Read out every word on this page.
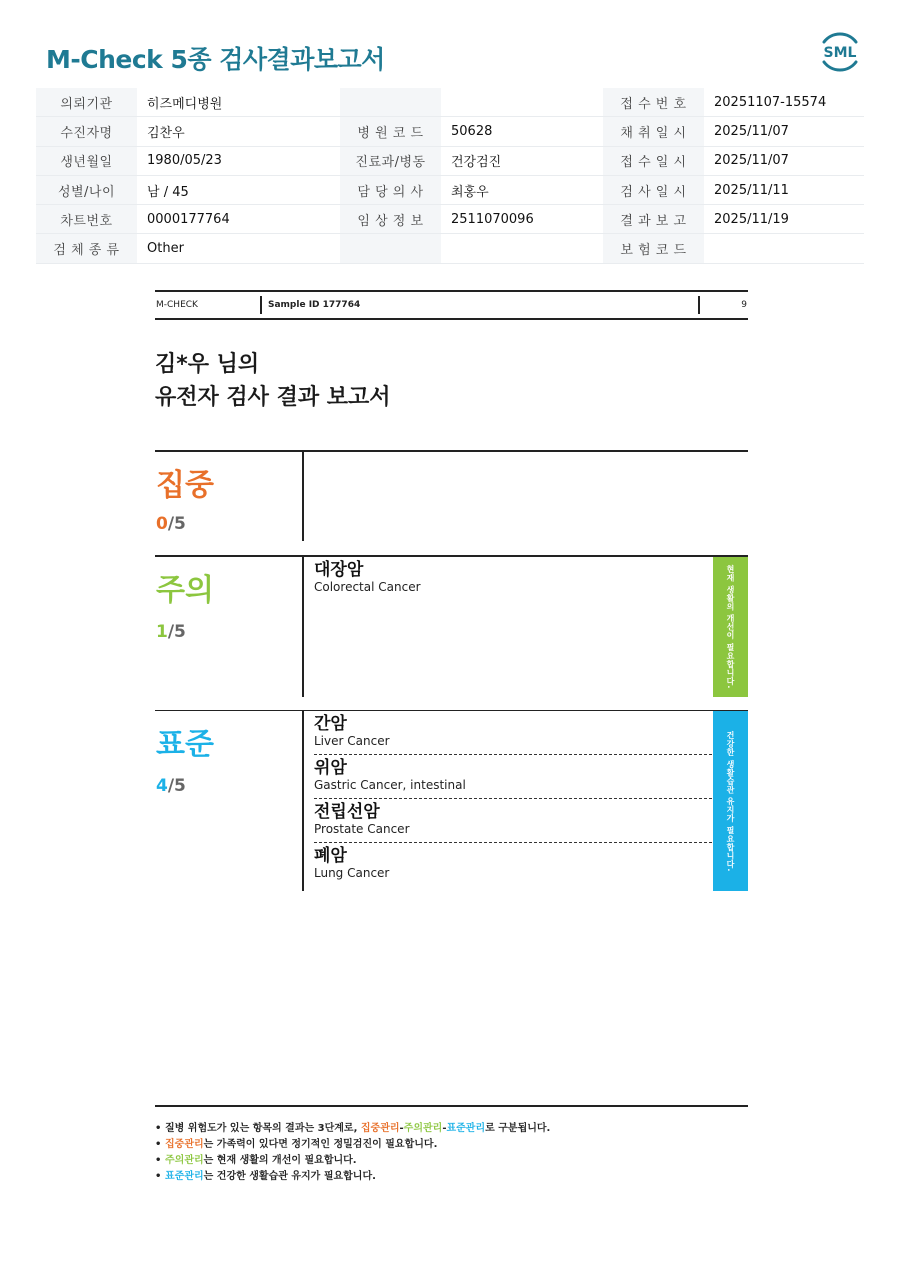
M-Check 5종 검사결과보고서	SML
의뢰기관	히즈메디병원			접 수 번 호	20251107-15574
수진자명	김찬우	병 원 코 드	50628	채 취 일 시	2025/11/07
생년월일	1980/05/23	진료과/병동	건강검진	접 수 일 시	2025/11/07
성별/나이	남 / 45	담 당 의 사	최홍우	검 사 일 시	2025/11/11
차트번호	0000177764	임 상 정 보	2511070096	결 과 보 고	2025/11/19
검 체 종 류	Other			보 험 코 드	
M-CHECK	Sample ID 177764	9
김*우 님의
유전자 검사 결과 보고서
집중
0/5
주의
1/5
대장암
Colorectal Cancer	현재 생활의 개선이 필요합니다.
표준
4/5
간암
Liver Cancer
위암
Gastric Cancer, intestinal
전립선암
Prostate Cancer
폐암
Lung Cancer
건강한 생활습관 유지가 필요합니다.
• 질병 위험도가 있는 항목의 결과는 3단계로, 집중관리-주의관리-표준관리로 구분됩니다.
• 집중관리는 가족력이 있다면 정기적인 정밀검진이 필요합니다.
• 주의관리는 현재 생활의 개선이 필요합니다.
• 표준관리는 건강한 생활습관 유지가 필요합니다.
